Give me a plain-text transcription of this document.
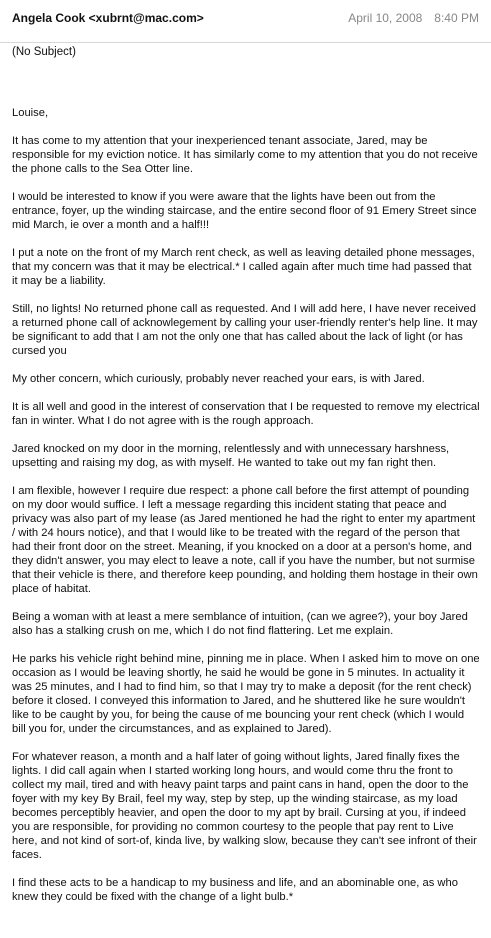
Angela Cook <xubrnt@mac.com>	April 10, 2008 8:40 PM
(No Subject)

Louise,

It has come to my attention that your inexperienced tenant associate, Jared, may be responsible for my eviction notice. It has similarly come to my attention that you do not receive the phone calls to the Sea Otter line.

I would be interested to know if you were aware that the lights have been out from the entrance, foyer, up the winding staircase, and the entire second floor of 91 Emery Street since mid March, ie over a month and a half!!!

I put a note on the front of my March rent check, as well as leaving detailed phone messages, that my concern was that it may be electrical.* I called again after much time had passed that it may be a liability.

Still, no lights! No returned phone call as requested. And I will add here, I have never received a returned phone call of acknowlegement by calling your user-friendly renter's help line. It may be significant to add that I am not the only one that has called about the lack of light (or has cursed you

My other concern, which curiously, probably never reached your ears, is with Jared.

It is all well and good in the interest of conservation that I be requested to remove my electrical fan in winter. What I do not agree with is the rough approach.

Jared knocked on my door in the morning, relentlessly and with unnecessary harshness, upsetting and raising my dog, as with myself. He wanted to take out my fan right then.

I am flexible, however I require due respect: a phone call before the first attempt of pounding on my door would suffice. I left a message regarding this incident stating that peace and privacy was also part of my lease (as Jared mentioned he had the right to enter my apartment / with 24 hours notice), and that I would like to be treated with the regard of the person that had their front door on the street. Meaning, if you knocked on a door at a person's home, and they didn't answer, you may elect to leave a note, call if you have the number, but not surmise that their vehicle is there, and therefore keep pounding, and holding them hostage in their own place of habitat.

Being a woman with at least a mere semblance of intuition, (can we agree?), your boy Jared also has a stalking crush on me, which I do not find flattering. Let me explain.

He parks his vehicle right behind mine, pinning me in place. When I asked him to move on one occasion as I would be leaving shortly, he said he would be gone in 5 minutes. In actuality it was 25 minutes, and I had to find him, so that I may try to make a deposit (for the rent check) before it closed. I conveyed this information to Jared, and he shuttered like he sure wouldn't like to be caught by you, for being the cause of me bouncing your rent check (which I would bill you for, under the circumstances, and as explained to Jared).

For whatever reason, a month and a half later of going without lights, Jared finally fixes the lights. I did call again when I started working long hours, and would come thru the front to collect my mail, tired and with heavy paint tarps and paint cans in hand, open the door to the foyer with my key By Brail, feel my way, step by step, up the winding staircase, as my load becomes perceptibly heavier, and open the door to my apt by brail. Cursing at you, if indeed you are responsible, for providing no common courtesy to the people that pay rent to Live here, and not kind of sort-of, kinda live, by walking slow, because they can't see infront of their faces.

I find these acts to be a handicap to my business and life, and an abominable one, as who knew they could be fixed with the change of a light bulb.*
